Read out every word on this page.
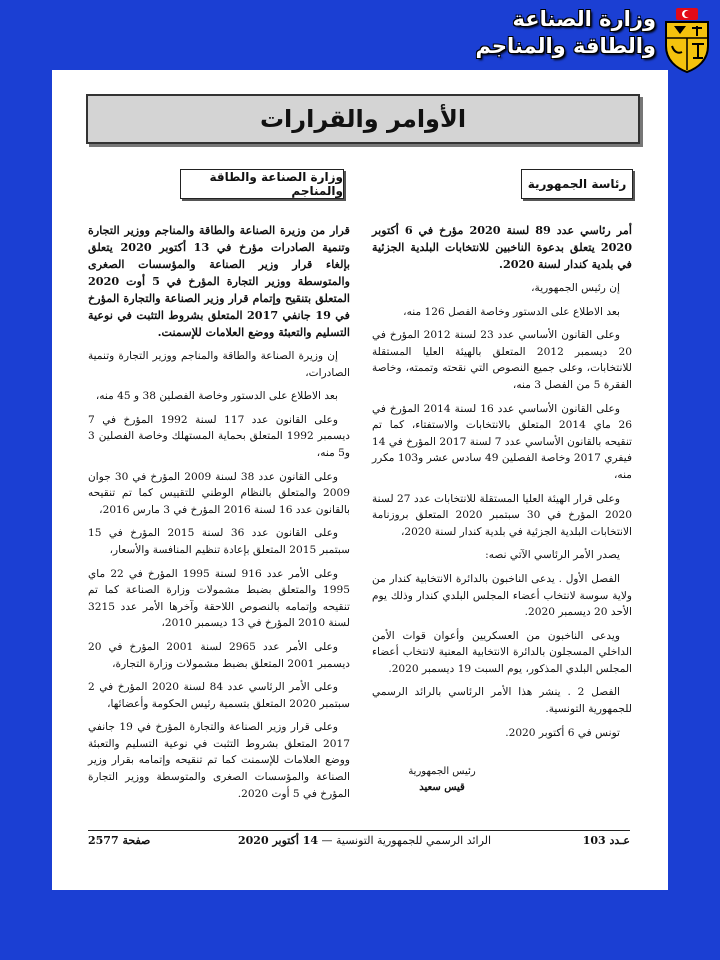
وزارة الصناعة
والطاقة والمناجم
الأوامر والقرارات
رئاسة الجمهورية
وزارة الصناعة والطاقة والمناجم

أمر رئاسي عدد 89 لسنة 2020 مؤرخ في 6 أكتوبر 2020 يتعلق بدعوة الناخبين للانتخابات البلدية الجزئية في بلدية كندار لسنة 2020.

إن رئيس الجمهورية،

بعد الاطلاع على الدستور وخاصة الفصل 126 منه،

وعلى القانون الأساسي عدد 23 لسنة 2012 المؤرخ في 20 ديسمبر 2012 المتعلق بالهيئة العليا المستقلة للانتخابات، وعلى جميع النصوص التي نقحته وتممته، وخاصة الفقرة 5 من الفصل 3 منه،

وعلى القانون الأساسي عدد 16 لسنة 2014 المؤرخ في 26 ماي 2014 المتعلق بالانتخابات والاستفتاء، كما تم تنقيحه بالقانون الأساسي عدد 7 لسنة 2017 المؤرخ في 14 فيفري 2017 وخاصة الفصلين 49 سادس عشر و103 مكرر منه،

وعلى قرار الهيئة العليا المستقلة للانتخابات عدد 27 لسنة 2020 المؤرخ في 30 سبتمبر 2020 المتعلق بروزنامة الانتخابات البلدية الجزئية في بلدية كندار لسنة 2020،

يصدر الأمر الرئاسي الآتي نصه:

الفصل الأول . يدعى الناخبون بالدائرة الانتخابية كندار من ولاية سوسة لانتخاب أعضاء المجلس البلدي كندار وذلك يوم الأحد 20 ديسمبر 2020.

ويدعى الناخبون من العسكريين وأعوان قوات الأمن الداخلي المسجلون بالدائرة الانتخابية المعنية لانتخاب أعضاء المجلس البلدي المذكور، يوم السبت 19 ديسمبر 2020.

الفصل 2 . ينشر هذا الأمر الرئاسي بالرائد الرسمي للجمهورية التونسية.

تونس في 6 أكتوبر 2020.

رئيس الجمهورية
قيس سعيد

قرار من وزيرة الصناعة والطاقة والمناجم ووزير التجارة وتنمية الصادرات مؤرخ في 13 أكتوبر 2020 يتعلق بإلغاء قرار وزير الصناعة والمؤسسات الصغرى والمتوسطة ووزير التجارة المؤرخ في 5 أوت 2020 المتعلق بتنقيح وإتمام قرار وزير الصناعة والتجارة المؤرخ في 19 جانفي 2017 المتعلق بشروط التثبت في نوعية التسليم والتعبئة ووضع العلامات للإسمنت.

إن وزيرة الصناعة والطاقة والمناجم ووزير التجارة وتنمية الصادرات،

بعد الاطلاع على الدستور وخاصة الفصلين 38 و 45 منه،

وعلى القانون عدد 117 لسنة 1992 المؤرخ في 7 ديسمبر 1992 المتعلق بحماية المستهلك وخاصة الفصلين 3 و5 منه،

وعلى القانون عدد 38 لسنة 2009 المؤرخ في 30 جوان 2009 والمتعلق بالنظام الوطني للتقييس كما تم تنقيحه بالقانون عدد 16 لسنة 2016 المؤرخ في 3 مارس 2016،

وعلى القانون عدد 36 لسنة 2015 المؤرخ في 15 سبتمبر 2015 المتعلق بإعادة تنظيم المنافسة والأسعار،

وعلى الأمر عدد 916 لسنة 1995 المؤرخ في 22 ماي 1995 والمتعلق بضبط مشمولات وزارة الصناعة كما تم تنقيحه وإتمامه بالنصوص اللاحقة وآخرها الأمر عدد 3215 لسنة 2010 المؤرخ في 13 ديسمبر 2010،

وعلى الأمر عدد 2965 لسنة 2001 المؤرخ في 20 ديسمبر 2001 المتعلق بضبط مشمولات وزارة التجارة،

وعلى الأمر الرئاسي عدد 84 لسنة 2020 المؤرخ في 2 سبتمبر 2020 المتعلق بتسمية رئيس الحكومة وأعضائها،

وعلى قرار وزير الصناعة والتجارة المؤرخ في 19 جانفي 2017 المتعلق بشروط التثبت في نوعية التسليم والتعبئة ووضع العلامات للإسمنت كما تم تنقيحه وإتمامه بقرار وزير الصناعة والمؤسسات الصغرى والمتوسطة ووزير التجارة المؤرخ في 5 أوت 2020.

عـدد 103
الرائد الرسمي للجمهورية التونسية — 14 أكتوبر 2020
صفحة 2577
